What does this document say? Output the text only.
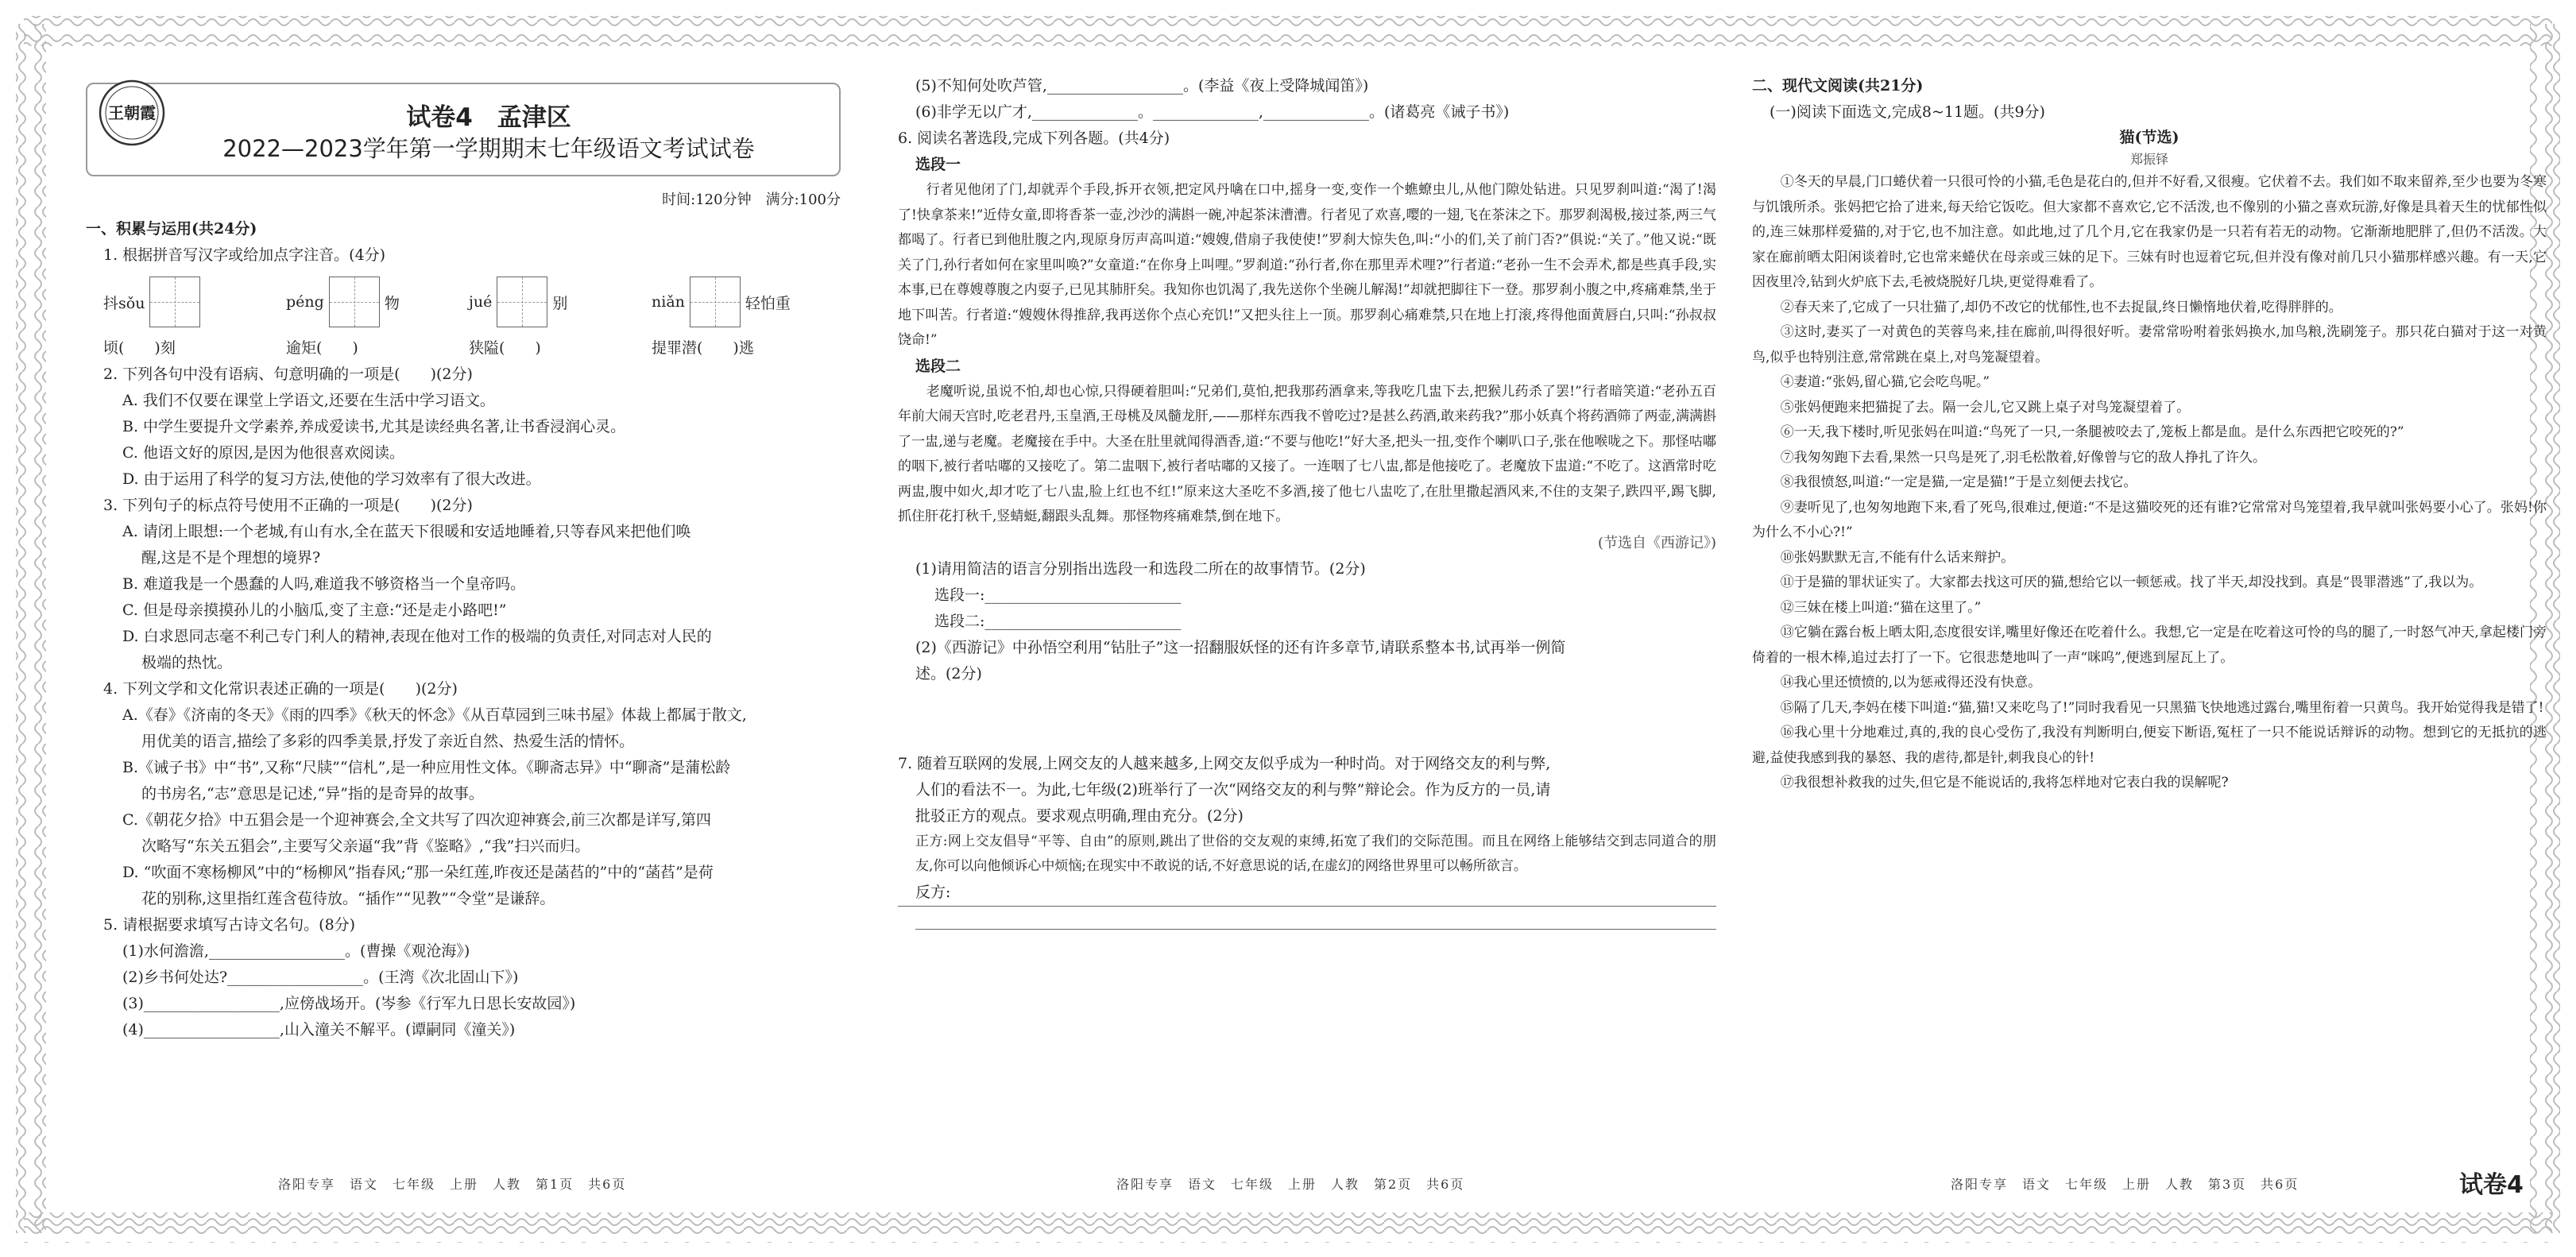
王朝霞	试卷4　孟津区
2022—2023学年第一学期期末七年级语文考试试卷
时间:120分钟　满分:100分
一、积累与运用(共24分)
1. 根据拼音写汉字或给加点字注音。(4分)
抖sǒu	péng	物	jué	别	niǎn	轻怕重
顷(　　)刻	逾矩(　　)	狭隘(　　)	提罪潜(　　)逃
2. 下列各句中没有语病、句意明确的一项是(　　)(2分)
A. 我们不仅要在课堂上学语文,还要在生活中学习语文。
B. 中学生要提升文学素养,养成爱读书,尤其是读经典名著,让书香浸润心灵。
C. 他语文好的原因,是因为他很喜欢阅读。
D. 由于运用了科学的复习方法,使他的学习效率有了很大改进。
3. 下列句子的标点符号使用不正确的一项是(　　)(2分)
A. 请闭上眼想:一个老城,有山有水,全在蓝天下很暖和安适地睡着,只等春风来把他们唤
醒,这是不是个理想的境界?
B. 难道我是一个愚蠢的人吗,难道我不够资格当一个皇帝吗。
C. 但是母亲摸摸孙儿的小脑瓜,变了主意:“还是走小路吧!”
D. 白求恩同志毫不利己专门利人的精神,表现在他对工作的极端的负责任,对同志对人民的
极端的热忱。
4. 下列文学和文化常识表述正确的一项是(　　)(2分)
A.《春》《济南的冬天》《雨的四季》《秋天的怀念》《从百草园到三味书屋》体裁上都属于散文,
用优美的语言,描绘了多彩的四季美景,抒发了亲近自然、热爱生活的情怀。
B.《诫子书》中“书”,又称“尺牍”“信札”,是一种应用性文体。《聊斋志异》中“聊斋”是蒲松龄
的书房名,“志”意思是记述,“异”指的是奇异的故事。
C.《朝花夕拾》中五猖会是一个迎神赛会,全文共写了四次迎神赛会,前三次都是详写,第四
次略写“东关五猖会”,主要写父亲逼“我”背《鉴略》,“我”扫兴而归。
D. “吹面不寒杨柳风”中的“杨柳风”指春风;“那一朵红莲,昨夜还是菡萏的”中的“菡萏”是荷
花的别称,这里指红莲含苞待放。“插作”“见教”“令堂”是谦辞。
5. 请根据要求填写古诗文名句。(8分)
(1)水何澹澹,__________________。(曹操《观沧海》)
(2)乡书何处达?__________________。(王湾《次北固山下》)
(3)__________________,应傍战场开。(岑参《行军九日思长安故园》)
(4)__________________,山入潼关不解平。(谭嗣同《潼关》)
洛阳专享　语文　七年级　上册　人教　第1页　共6页
(5)不知何处吹芦管,__________________。(李益《夜上受降城闻笛》)
(6)非学无以广才,______________。______________,______________。(诸葛亮《诫子书》)
6. 阅读名著选段,完成下列各题。(共4分)
选段一
行者见他闭了门,却就弄个手段,拆开衣领,把定风丹噙在口中,摇身一变,变作一个蟭蟟虫儿,从他门隙处钻进。只见罗刹叫道:“渴了!渴了!快拿茶来!”近侍女童,即将香茶一壶,沙沙的满斟一碗,冲起茶沫漕漕。行者见了欢喜,嘤的一翅,飞在茶沫之下。那罗刹渴极,接过茶,两三气都喝了。行者已到他肚腹之内,现原身厉声高叫道:“嫂嫂,借扇子我使使!”罗刹大惊失色,叫:“小的们,关了前门否?”俱说:“关了。”他又说:“既关了门,孙行者如何在家里叫唤?”女童道:“在你身上叫哩。”罗刹道:“孙行者,你在那里弄术哩?”行者道:“老孙一生不会弄术,都是些真手段,实本事,已在尊嫂尊腹之内耍子,已见其肺肝矣。我知你也饥渴了,我先送你个坐碗儿解渴!”却就把脚往下一登。那罗刹小腹之中,疼痛难禁,坐于地下叫苦。行者道:“嫂嫂休得推辞,我再送你个点心充饥!”又把头往上一顶。那罗刹心痛难禁,只在地上打滚,疼得他面黄唇白,只叫:“孙叔叔饶命!”
选段二
老魔听说,虽说不怕,却也心惊,只得硬着胆叫:“兄弟们,莫怕,把我那药酒拿来,等我吃几盅下去,把猴儿药杀了罢!”行者暗笑道:“老孙五百年前大闹天宫时,吃老君丹,玉皇酒,王母桃及凤髓龙肝,——那样东西我不曾吃过?是甚么药酒,敢来药我?”那小妖真个将药酒筛了两壶,满满斟了一盅,递与老魔。老魔接在手中。大圣在肚里就闻得酒香,道:“不要与他吃!”好大圣,把头一扭,变作个喇叭口子,张在他喉咙之下。那怪咕嘟的咽下,被行者咕嘟的又接吃了。第二盅咽下,被行者咕嘟的又接了。一连咽了七八盅,都是他接吃了。老魔放下盅道:“不吃了。这酒常时吃两盅,腹中如火,却才吃了七八盅,脸上红也不红!”原来这大圣吃不多酒,接了他七八盅吃了,在肚里撒起酒风来,不住的支架子,跌四平,踢飞脚,抓住肝花打秋千,竖蜻蜓,翻跟头乱舞。那怪物疼痛难禁,倒在地下。
(节选自《西游记》)
(1)请用简洁的语言分别指出选段一和选段二所在的故事情节。(2分)
选段一:__________________________
选段二:__________________________
(2)《西游记》中孙悟空利用“钻肚子”这一招翻服妖怪的还有许多章节,请联系整本书,试再举一例简
述。(2分)
7. 随着互联网的发展,上网交友的人越来越多,上网交友似乎成为一种时尚。对于网络交友的利与弊,
人们的看法不一。为此,七年级(2)班举行了一次“网络交友的利与弊”辩论会。作为反方的一员,请
批驳正方的观点。要求观点明确,理由充分。(2分)
正方:网上交友倡导“平等、自由”的原则,跳出了世俗的交友观的束缚,拓宽了我们的交际范围。而且在网络上能够结交到志同道合的朋友,你可以向他倾诉心中烦恼;在现实中不敢说的话,不好意思说的话,在虚幻的网络世界里可以畅所欲言。
反方:
洛阳专享　语文　七年级　上册　人教　第2页　共6页
二、现代文阅读(共21分)
(一)阅读下面选文,完成8~11题。(共9分)
猫(节选)
郑振铎
①冬天的早晨,门口蜷伏着一只很可怜的小猫,毛色是花白的,但并不好看,又很瘦。它伏着不去。我们如不取来留养,至少也要为冬寒与饥饿所杀。张妈把它拾了进来,每天给它饭吃。但大家都不喜欢它,它不活泼,也不像别的小猫之喜欢玩游,好像是具着天生的忧郁性似的,连三妹那样爱猫的,对于它,也不加注意。如此地,过了几个月,它在我家仍是一只若有若无的动物。它渐渐地肥胖了,但仍不活泼。大家在廊前晒太阳闲谈着时,它也常来蜷伏在母亲或三妹的足下。三妹有时也逗着它玩,但并没有像对前几只小猫那样感兴趣。有一天,它因夜里冷,钻到火炉底下去,毛被烧脱好几块,更觉得难看了。
②春天来了,它成了一只壮猫了,却仍不改它的忧郁性,也不去捉鼠,终日懒惰地伏着,吃得胖胖的。
③这时,妻买了一对黄色的芙蓉鸟来,挂在廊前,叫得很好听。妻常常吩咐着张妈换水,加鸟粮,洗刷笼子。那只花白猫对于这一对黄鸟,似乎也特别注意,常常跳在桌上,对鸟笼凝望着。
④妻道:“张妈,留心猫,它会吃鸟呢。”
⑤张妈便跑来把猫捉了去。隔一会儿,它又跳上桌子对鸟笼凝望着了。
⑥一天,我下楼时,听见张妈在叫道:“鸟死了一只,一条腿被咬去了,笼板上都是血。是什么东西把它咬死的?”
⑦我匆匆跑下去看,果然一只鸟是死了,羽毛松散着,好像曾与它的敌人挣扎了许久。
⑧我很愤怒,叫道:“一定是猫,一定是猫!”于是立刻便去找它。
⑨妻听见了,也匆匆地跑下来,看了死鸟,很难过,便道:“不是这猫咬死的还有谁?它常常对鸟笼望着,我早就叫张妈要小心了。张妈!你为什么不小心?!”
⑩张妈默默无言,不能有什么话来辩护。
⑪于是猫的罪状证实了。大家都去找这可厌的猫,想给它以一顿惩戒。找了半天,却没找到。真是“畏罪潜逃”了,我以为。
⑫三妹在楼上叫道:“猫在这里了。”
⑬它躺在露台板上晒太阳,态度很安详,嘴里好像还在吃着什么。我想,它一定是在吃着这可怜的鸟的腿了,一时怒气冲天,拿起楼门旁倚着的一根木棒,追过去打了一下。它很悲楚地叫了一声“咪呜”,便逃到屋瓦上了。
⑭我心里还愤愤的,以为惩戒得还没有快意。
⑮隔了几天,李妈在楼下叫道:“猫,猫!又来吃鸟了!”同时我看见一只黑猫飞快地逃过露台,嘴里衔着一只黄鸟。我开始觉得我是错了!
⑯我心里十分地难过,真的,我的良心受伤了,我没有判断明白,便妄下断语,冤枉了一只不能说话辩诉的动物。想到它的无抵抗的逃避,益使我感到我的暴怒、我的虐待,都是针,刺我良心的针!
⑰我很想补救我的过失,但它是不能说话的,我将怎样地对它表白我的误解呢?
洛阳专享　语文　七年级　上册　人教　第3页　共6页	试卷4
